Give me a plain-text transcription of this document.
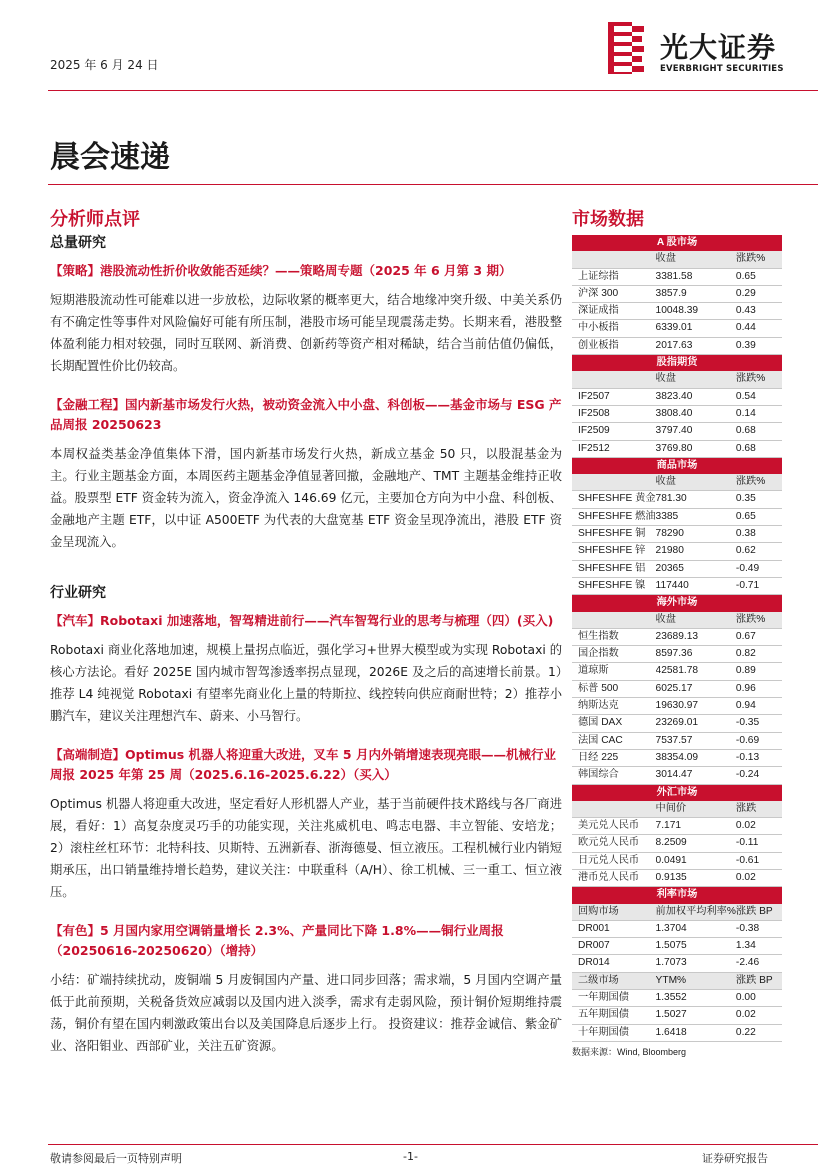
2025 年 6 月 24 日
光大证券
EVERBRIGHT SECURITIES
晨会速递
分析师点评
总量研究
【策略】港股流动性折价收敛能否延续？——策略周专题（2025 年 6 月第 3 期）
短期港股流动性可能难以进一步放松，边际收紧的概率更大，结合地缘冲突升级、中美关系仍有不确定性等事件对风险偏好可能有所压制，港股市场可能呈现震荡走势。长期来看，港股整体盈利能力相对较强，同时互联网、新消费、创新药等资产相对稀缺，结合当前估值仍偏低，长期配置性价比仍较高。
【金融工程】国内新基市场发行火热，被动资金流入中小盘、科创板——基金市场与 ESG 产品周报 20250623
本周权益类基金净值集体下滑，国内新基市场发行火热，新成立基金 50 只，以股混基金为主。行业主题基金方面，本周医药主题基金净值显著回撤，金融地产、TMT 主题基金维持正收益。股票型 ETF 资金转为流入，资金净流入 146.69 亿元，主要加仓方向为中小盘、科创板、金融地产主题 ETF，以中证 A500ETF 为代表的大盘宽基 ETF 资金呈现净流出，港股 ETF 资金呈现流入。
行业研究
【汽车】Robotaxi 加速落地，智驾精进前行——汽车智驾行业的思考与梳理（四）(买入)
Robotaxi 商业化落地加速，规模上量拐点临近，强化学习+世界大模型或为实现 Robotaxi 的核心方法论。看好 2025E 国内城市智驾渗透率拐点显现，2026E 及之后的高速增长前景。1）推荐 L4 纯视觉 Robotaxi 有望率先商业化上量的特斯拉、线控转向供应商耐世特；2）推荐小鹏汽车，建议关注理想汽车、蔚来、小马智行。
【高端制造】Optimus 机器人将迎重大改进，叉车 5 月内外销增速表现亮眼——机械行业周报 2025 年第 25 周（2025.6.16-2025.6.22）（买入）
Optimus 机器人将迎重大改进，坚定看好人形机器人产业，基于当前硬件技术路线与各厂商进展，看好：1）高复杂度灵巧手的功能实现，关注兆威机电、鸣志电器、丰立智能、安培龙；2）滚柱丝杠环节：北特科技、贝斯特、五洲新春、浙海德曼、恒立液压。工程机械行业内销短期承压，出口销量维持增长趋势，建议关注：中联重科（A/H）、徐工机械、三一重工、恒立液压。
【有色】5 月国内家用空调销量增长 2.3%、产量同比下降 1.8%——铜行业周报（20250616-20250620）（增持）
小结：矿端持续扰动，废铜端 5 月废铜国内产量、进口同步回落；需求端，5 月国内空调产量低于此前预期，关税备货效应减弱以及国内进入淡季，需求有走弱风险，预计铜价短期维持震荡，铜价有望在国内刺激政策出台以及美国降息后逐步上行。 投资建议：推荐金诚信、紫金矿业、洛阳钼业、西部矿业，关注五矿资源。
市场数据
A 股市场		
	收盘	涨跌%
上证综指	3381.58	0.65
沪深 300	3857.9	0.29
深证成指	10048.39	0.43
中小板指	6339.01	0.44
创业板指	2017.63	0.39
股指期货		
	收盘	涨跌%
IF2507	3823.40	0.54
IF2508	3808.40	0.14
IF2509	3797.40	0.68
IF2512	3769.80	0.68
商品市场		
	收盘	涨跌%
SHFESHFE 黄金	781.30	0.35
SHFESHFE 燃油	3385	0.65
SHFESHFE 铜	78290	0.38
SHFESHFE 锌	21980	0.62
SHFESHFE 铝	20365	-0.49
SHFESHFE 镍	117440	-0.71
海外市场		
	收盘	涨跌%
恒生指数	23689.13	0.67
国企指数	8597.36	0.82
道琼斯	42581.78	0.89
标普 500	6025.17	0.96
纳斯达克	19630.97	0.94
德国 DAX	23269.01	-0.35
法国 CAC	7537.57	-0.69
日经 225	38354.09	-0.13
韩国综合	3014.47	-0.24
外汇市场		
	中间价	涨跌
美元兑人民币	7.171	0.02
欧元兑人民币	8.2509	-0.11
日元兑人民币	0.0491	-0.61
港币兑人民币	0.9135	0.02
利率市场		
回购市场	前加权平均利率%	涨跌 BP
DR001	1.3704	-0.38
DR007	1.5075	1.34
DR014	1.7073	-2.46
二级市场	YTM%	涨跌 BP
一年期国债	1.3552	0.00
五年期国债	1.5027	0.02
十年期国债	1.6418	0.22
数据来源：Wind, Bloomberg
敬请参阅最后一页特别声明	-1-	证券研究报告
